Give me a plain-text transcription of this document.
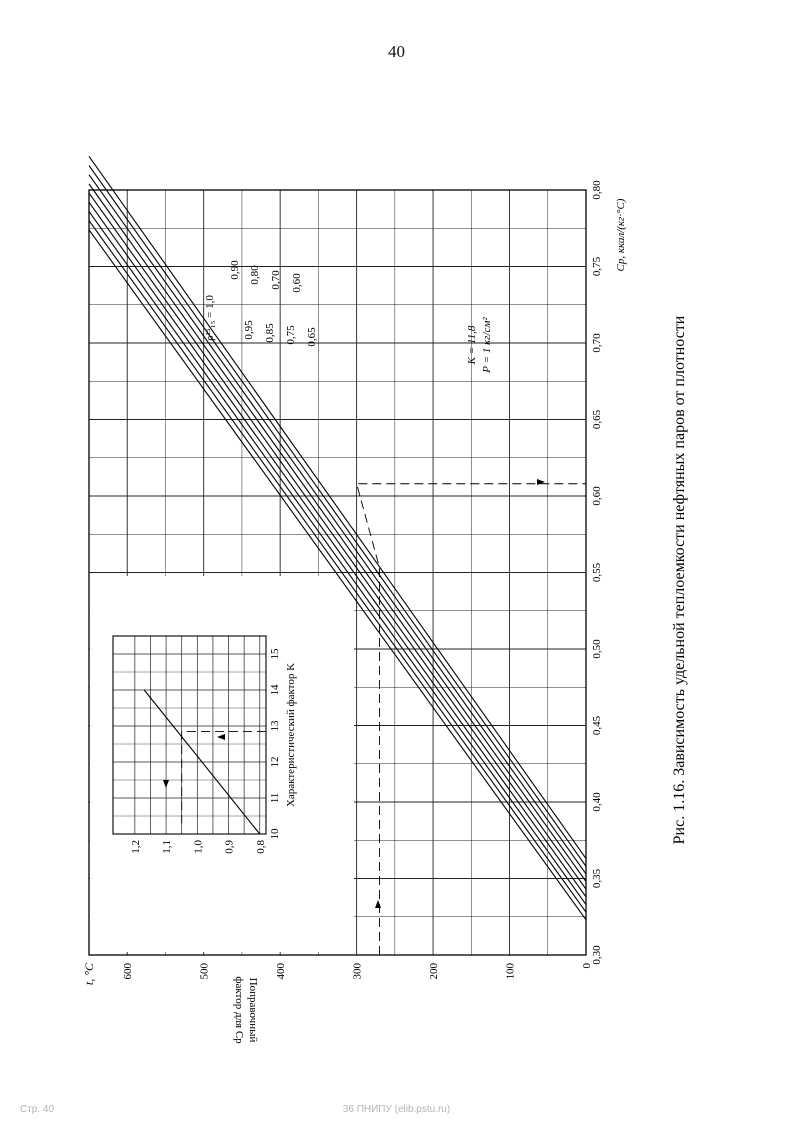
40
0,30
0,35
0,40
0,45
0,50
0,55
0,60
0,65
0,70
0,75
0,80
0
100
200
300
400
500
600
Cp, ккал/(кг·°С)
t, °С
ρ¹⁵₁₅ = 1,0
0,90
0,95
0,80
0,85
0,70
0,75
0,60
0,65	K = 11,8 P = 1 кг/см²
10
11
12
13
14
15
0,8
0,9
1,0
1,1
1,2
Характеристический фактор K
Поправочный
фактор для Cp
Рис. 1.16. Зависимость удельной теплоемкости нефтяных паров от плотности
Стр. 40	36 ПНИПУ (elib.pstu.ru)
